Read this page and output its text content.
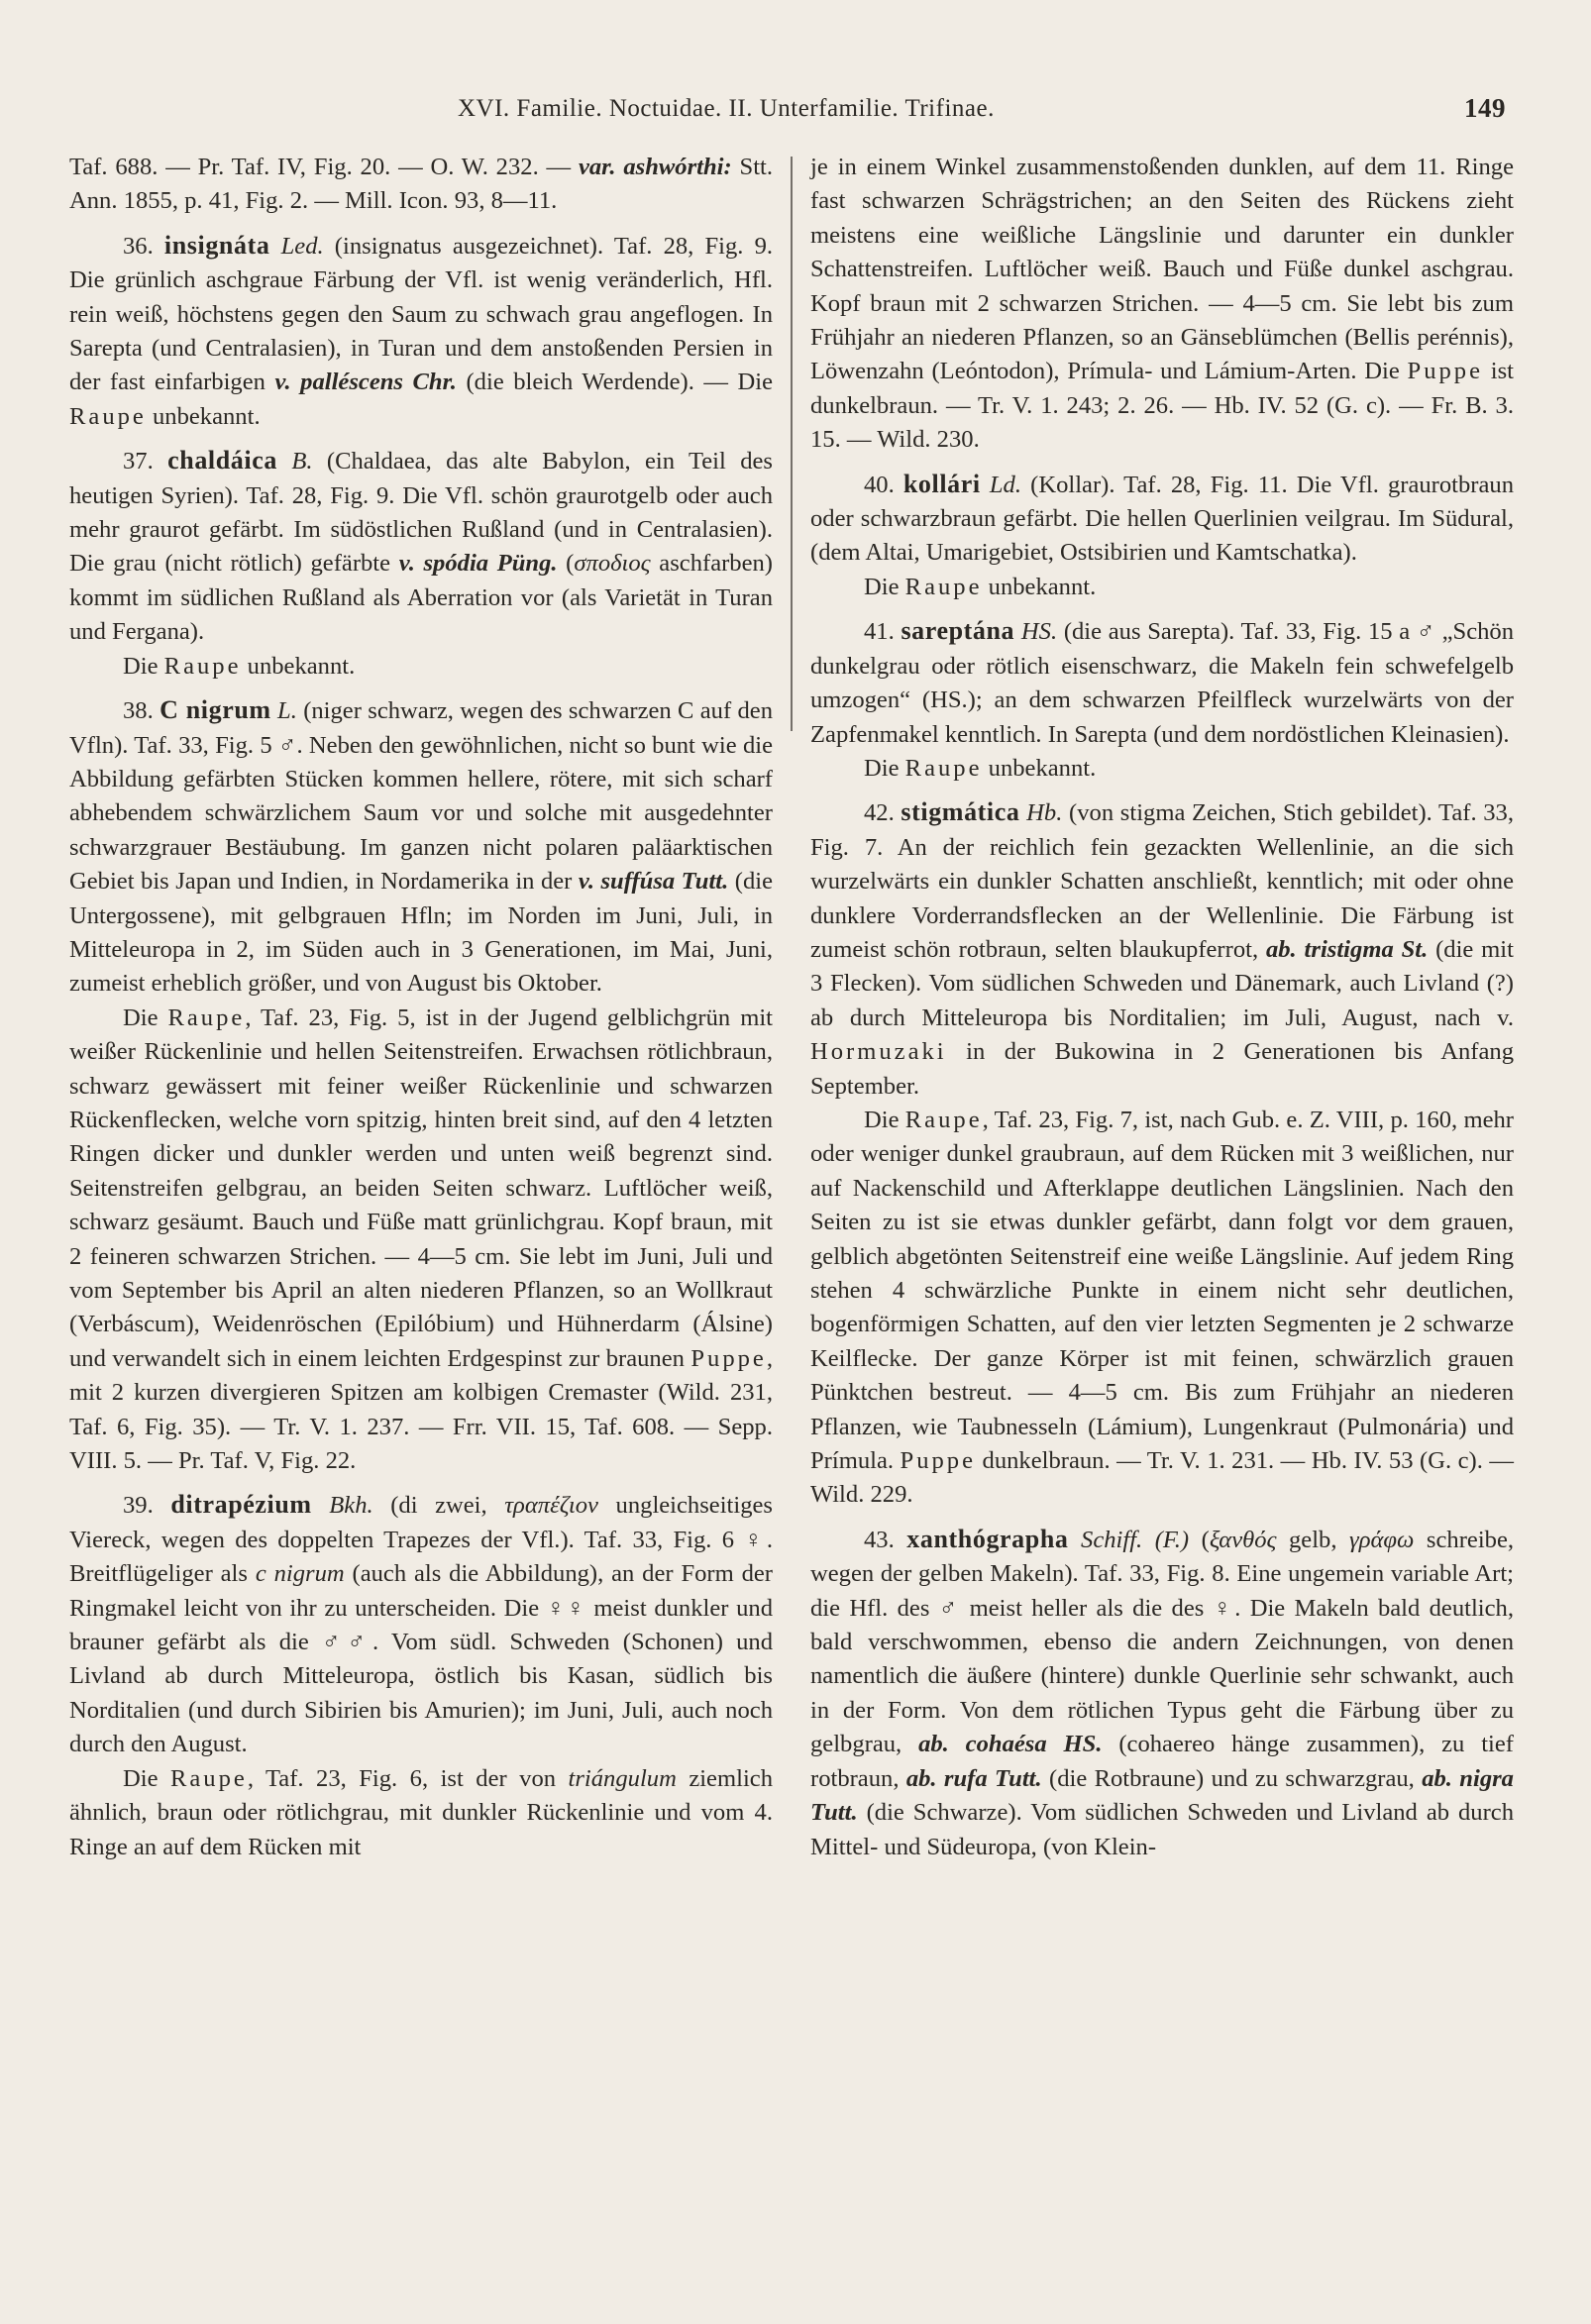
XVI. Familie. Noctuidae. II. Unterfamilie. Trifinae.	149

Taf. 688. — Pr. Taf. IV, Fig. 20. — O. W. 232. — var. ashwórthi: Stt. Ann. 1855, p. 41, Fig. 2. — Mill. Icon. 93, 8—11.

36. insignáta Led. (insignatus ausgezeichnet). Taf. 28, Fig. 9. Die grünlich aschgraue Färbung der Vfl. ist wenig veränderlich, Hfl. rein weiß, höchstens gegen den Saum zu schwach grau angeflogen. In Sarepta (und Centralasien), in Turan und dem anstoßenden Persien in der fast einfarbigen v. palléscens Chr. (die bleich Werdende). — Die Raupe unbekannt.

37. chaldáica B. (Chaldaea, das alte Babylon, ein Teil des heutigen Syrien). Taf. 28, Fig. 9. Die Vfl. schön graurotgelb oder auch mehr graurot gefärbt. Im südöstlichen Rußland (und in Centralasien). Die grau (nicht rötlich) gefärbte v. spódia Püng. (σποδιος aschfarben) kommt im südlichen Rußland als Aberration vor (als Varietät in Turan und Fergana).

Die Raupe unbekannt.

38. C nigrum L. (niger schwarz, wegen des schwarzen C auf den Vfln). Taf. 33, Fig. 5 ♂. Neben den gewöhnlichen, nicht so bunt wie die Abbildung gefärbten Stücken kommen hellere, rötere, mit sich scharf abhebendem schwärzlichem Saum vor und solche mit ausgedehnter schwarzgrauer Bestäubung. Im ganzen nicht polaren paläarktischen Gebiet bis Japan und Indien, in Nordamerika in der v. suffúsa Tutt. (die Untergossene), mit gelbgrauen Hfln; im Norden im Juni, Juli, in Mitteleuropa in 2, im Süden auch in 3 Generationen, im Mai, Juni, zumeist erheblich größer, und von August bis Oktober.

Die Raupe, Taf. 23, Fig. 5, ist in der Jugend gelblichgrün mit weißer Rückenlinie und hellen Seitenstreifen. Erwachsen rötlichbraun, schwarz gewässert mit feiner weißer Rückenlinie und schwarzen Rückenflecken, welche vorn spitzig, hinten breit sind, auf den 4 letzten Ringen dicker und dunkler werden und unten weiß begrenzt sind. Seitenstreifen gelbgrau, an beiden Seiten schwarz. Luftlöcher weiß, schwarz gesäumt. Bauch und Füße matt grünlichgrau. Kopf braun, mit 2 feineren schwarzen Strichen. — 4—5 cm. Sie lebt im Juni, Juli und vom September bis April an alten niederen Pflanzen, so an Wollkraut (Verbáscum), Weidenröschen (Epilóbium) und Hühnerdarm (Álsine) und verwandelt sich in einem leichten Erdgespinst zur braunen Puppe, mit 2 kurzen divergieren Spitzen am kolbigen Cremaster (Wild. 231, Taf. 6, Fig. 35). — Tr. V. 1. 237. — Frr. VII. 15, Taf. 608. — Sepp. VIII. 5. — Pr. Taf. V, Fig. 22.

39. ditrapézium Bkh. (di zwei, τραπέζιον ungleichseitiges Viereck, wegen des doppelten Trapezes der Vfl.). Taf. 33, Fig. 6 ♀. Breitflügeliger als c nigrum (auch als die Abbildung), an der Form der Ringmakel leicht von ihr zu unterscheiden. Die ♀♀ meist dunkler und brauner gefärbt als die ♂♂. Vom südl. Schweden (Schonen) und Livland ab durch Mitteleuropa, östlich bis Kasan, südlich bis Norditalien (und durch Sibirien bis Amurien); im Juni, Juli, auch noch durch den August.

Die Raupe, Taf. 23, Fig. 6, ist der von triángulum ziemlich ähnlich, braun oder rötlichgrau, mit dunkler Rückenlinie und vom 4. Ringe an auf dem Rücken mit

je in einem Winkel zusammenstoßenden dunklen, auf dem 11. Ringe fast schwarzen Schrägstrichen; an den Seiten des Rückens zieht meistens eine weißliche Längslinie und darunter ein dunkler Schattenstreifen. Luftlöcher weiß. Bauch und Füße dunkel aschgrau. Kopf braun mit 2 schwarzen Strichen. — 4—5 cm. Sie lebt bis zum Frühjahr an niederen Pflanzen, so an Gänseblümchen (Bellis perénnis), Löwenzahn (Leóntodon), Prímula- und Lámium-Arten. Die Puppe ist dunkelbraun. — Tr. V. 1. 243; 2. 26. — Hb. IV. 52 (G. c). — Fr. B. 3. 15. — Wild. 230.

40. kollári Ld. (Kollar). Taf. 28, Fig. 11. Die Vfl. graurotbraun oder schwarzbraun gefärbt. Die hellen Querlinien veilgrau. Im Südural, (dem Altai, Umarigebiet, Ostsibirien und Kamtschatka).

Die Raupe unbekannt.

41. sareptána HS. (die aus Sarepta). Taf. 33, Fig. 15 a ♂ „Schön dunkelgrau oder rötlich eisenschwarz, die Makeln fein schwefelgelb umzogen“ (HS.); an dem schwarzen Pfeilfleck wurzelwärts von der Zapfenmakel kenntlich. In Sarepta (und dem nordöstlichen Kleinasien).

Die Raupe unbekannt.

42. stigmática Hb. (von stigma Zeichen, Stich gebildet). Taf. 33, Fig. 7. An der reichlich fein gezackten Wellenlinie, an die sich wurzelwärts ein dunkler Schatten anschließt, kenntlich; mit oder ohne dunklere Vorderrandsflecken an der Wellenlinie. Die Färbung ist zumeist schön rotbraun, selten blaukupferrot, ab. tristigma St. (die mit 3 Flecken). Vom südlichen Schweden und Dänemark, auch Livland (?) ab durch Mitteleuropa bis Norditalien; im Juli, August, nach v. Hormuzaki in der Bukowina in 2 Generationen bis Anfang September.

Die Raupe, Taf. 23, Fig. 7, ist, nach Gub. e. Z. VIII, p. 160, mehr oder weniger dunkel graubraun, auf dem Rücken mit 3 weißlichen, nur auf Nackenschild und Afterklappe deutlichen Längslinien. Nach den Seiten zu ist sie etwas dunkler gefärbt, dann folgt vor dem grauen, gelblich abgetönten Seitenstreif eine weiße Längslinie. Auf jedem Ring stehen 4 schwärzliche Punkte in einem nicht sehr deutlichen, bogenförmigen Schatten, auf den vier letzten Segmenten je 2 schwarze Keilflecke. Der ganze Körper ist mit feinen, schwärzlich grauen Pünktchen bestreut. — 4—5 cm. Bis zum Frühjahr an niederen Pflanzen, wie Taubnesseln (Lámium), Lungenkraut (Pulmonária) und Prímula. Puppe dunkelbraun. — Tr. V. 1. 231. — Hb. IV. 53 (G. c). — Wild. 229.

43. xanthógrapha Schiff. (F.) (ξανθός gelb, γράφω schreibe, wegen der gelben Makeln). Taf. 33, Fig. 8. Eine ungemein variable Art; die Hfl. des ♂ meist heller als die des ♀. Die Makeln bald deutlich, bald verschwommen, ebenso die andern Zeichnungen, von denen namentlich die äußere (hintere) dunkle Querlinie sehr schwankt, auch in der Form. Von dem rötlichen Typus geht die Färbung über zu gelbgrau, ab. cohaésa HS. (cohaereo hänge zusammen), zu tief rotbraun, ab. rufa Tutt. (die Rotbraune) und zu schwarzgrau, ab. nigra Tutt. (die Schwarze). Vom südlichen Schweden und Livland ab durch Mittel- und Südeuropa, (von Klein-
